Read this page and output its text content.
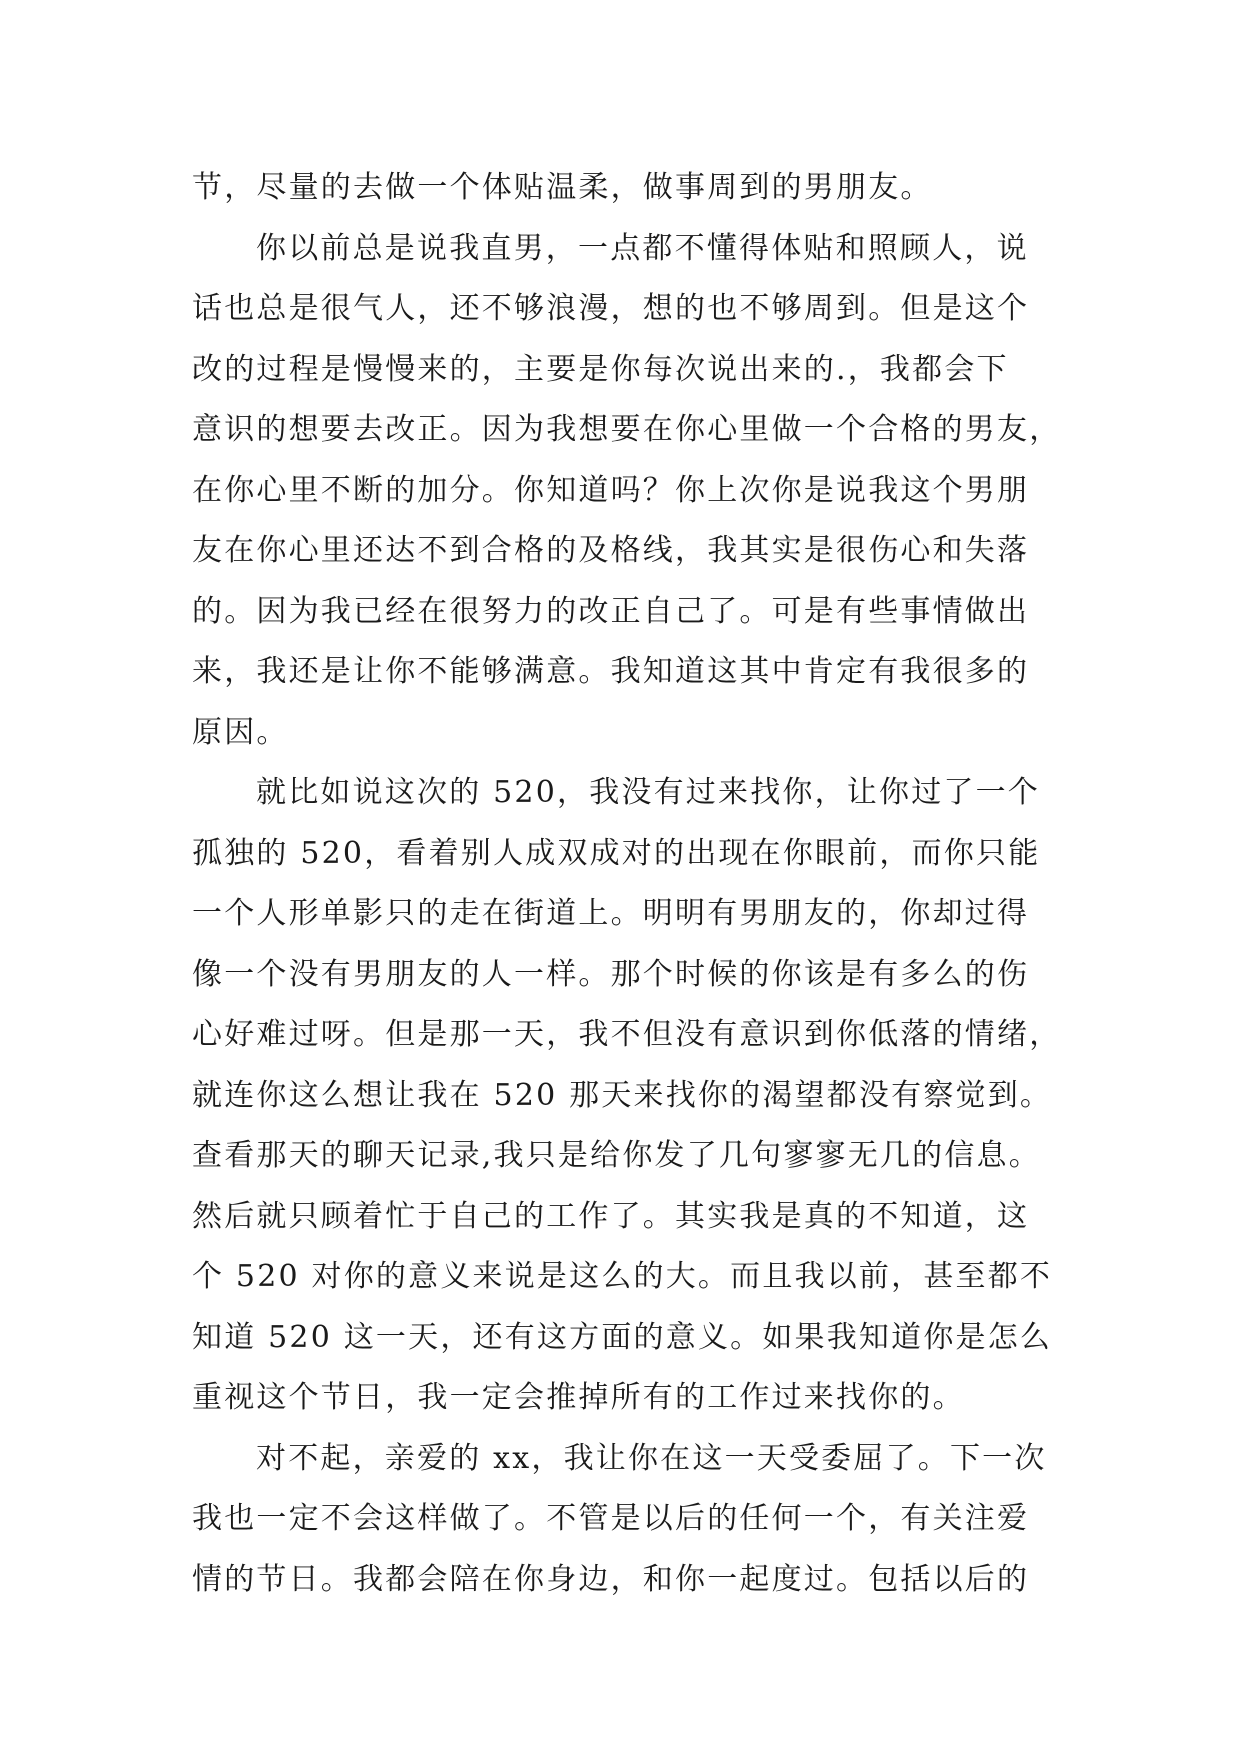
节，尽量的去做一个体贴温柔，做事周到的男朋友。
你以前总是说我直男，一点都不懂得体贴和照顾人，说
话也总是很气人，还不够浪漫，想的也不够周到。但是这个
改的过程是慢慢来的，主要是你每次说出来的.，我都会下
意识的想要去改正。因为我想要在你心里做一个合格的男友，
在你心里不断的加分。你知道吗？你上次你是说我这个男朋
友在你心里还达不到合格的及格线，我其实是很伤心和失落
的。因为我已经在很努力的改正自己了。可是有些事情做出
来，我还是让你不能够满意。我知道这其中肯定有我很多的
原因。
就比如说这次的 520，我没有过来找你，让你过了一个
孤独的 520，看着别人成双成对的出现在你眼前，而你只能
一个人形单影只的走在街道上。明明有男朋友的，你却过得
像一个没有男朋友的人一样。那个时候的你该是有多么的伤
心好难过呀。但是那一天，我不但没有意识到你低落的情绪，
就连你这么想让我在 520 那天来找你的渴望都没有察觉到。
查看那天的聊天记录,我只是给你发了几句寥寥无几的信息。
然后就只顾着忙于自己的工作了。其实我是真的不知道，这
个 520 对你的意义来说是这么的大。而且我以前，甚至都不
知道 520 这一天，还有这方面的意义。如果我知道你是怎么
重视这个节日，我一定会推掉所有的工作过来找你的。
对不起，亲爱的 xx，我让你在这一天受委屈了。下一次
我也一定不会这样做了。不管是以后的任何一个，有关注爱
情的节日。我都会陪在你身边，和你一起度过。包括以后的
